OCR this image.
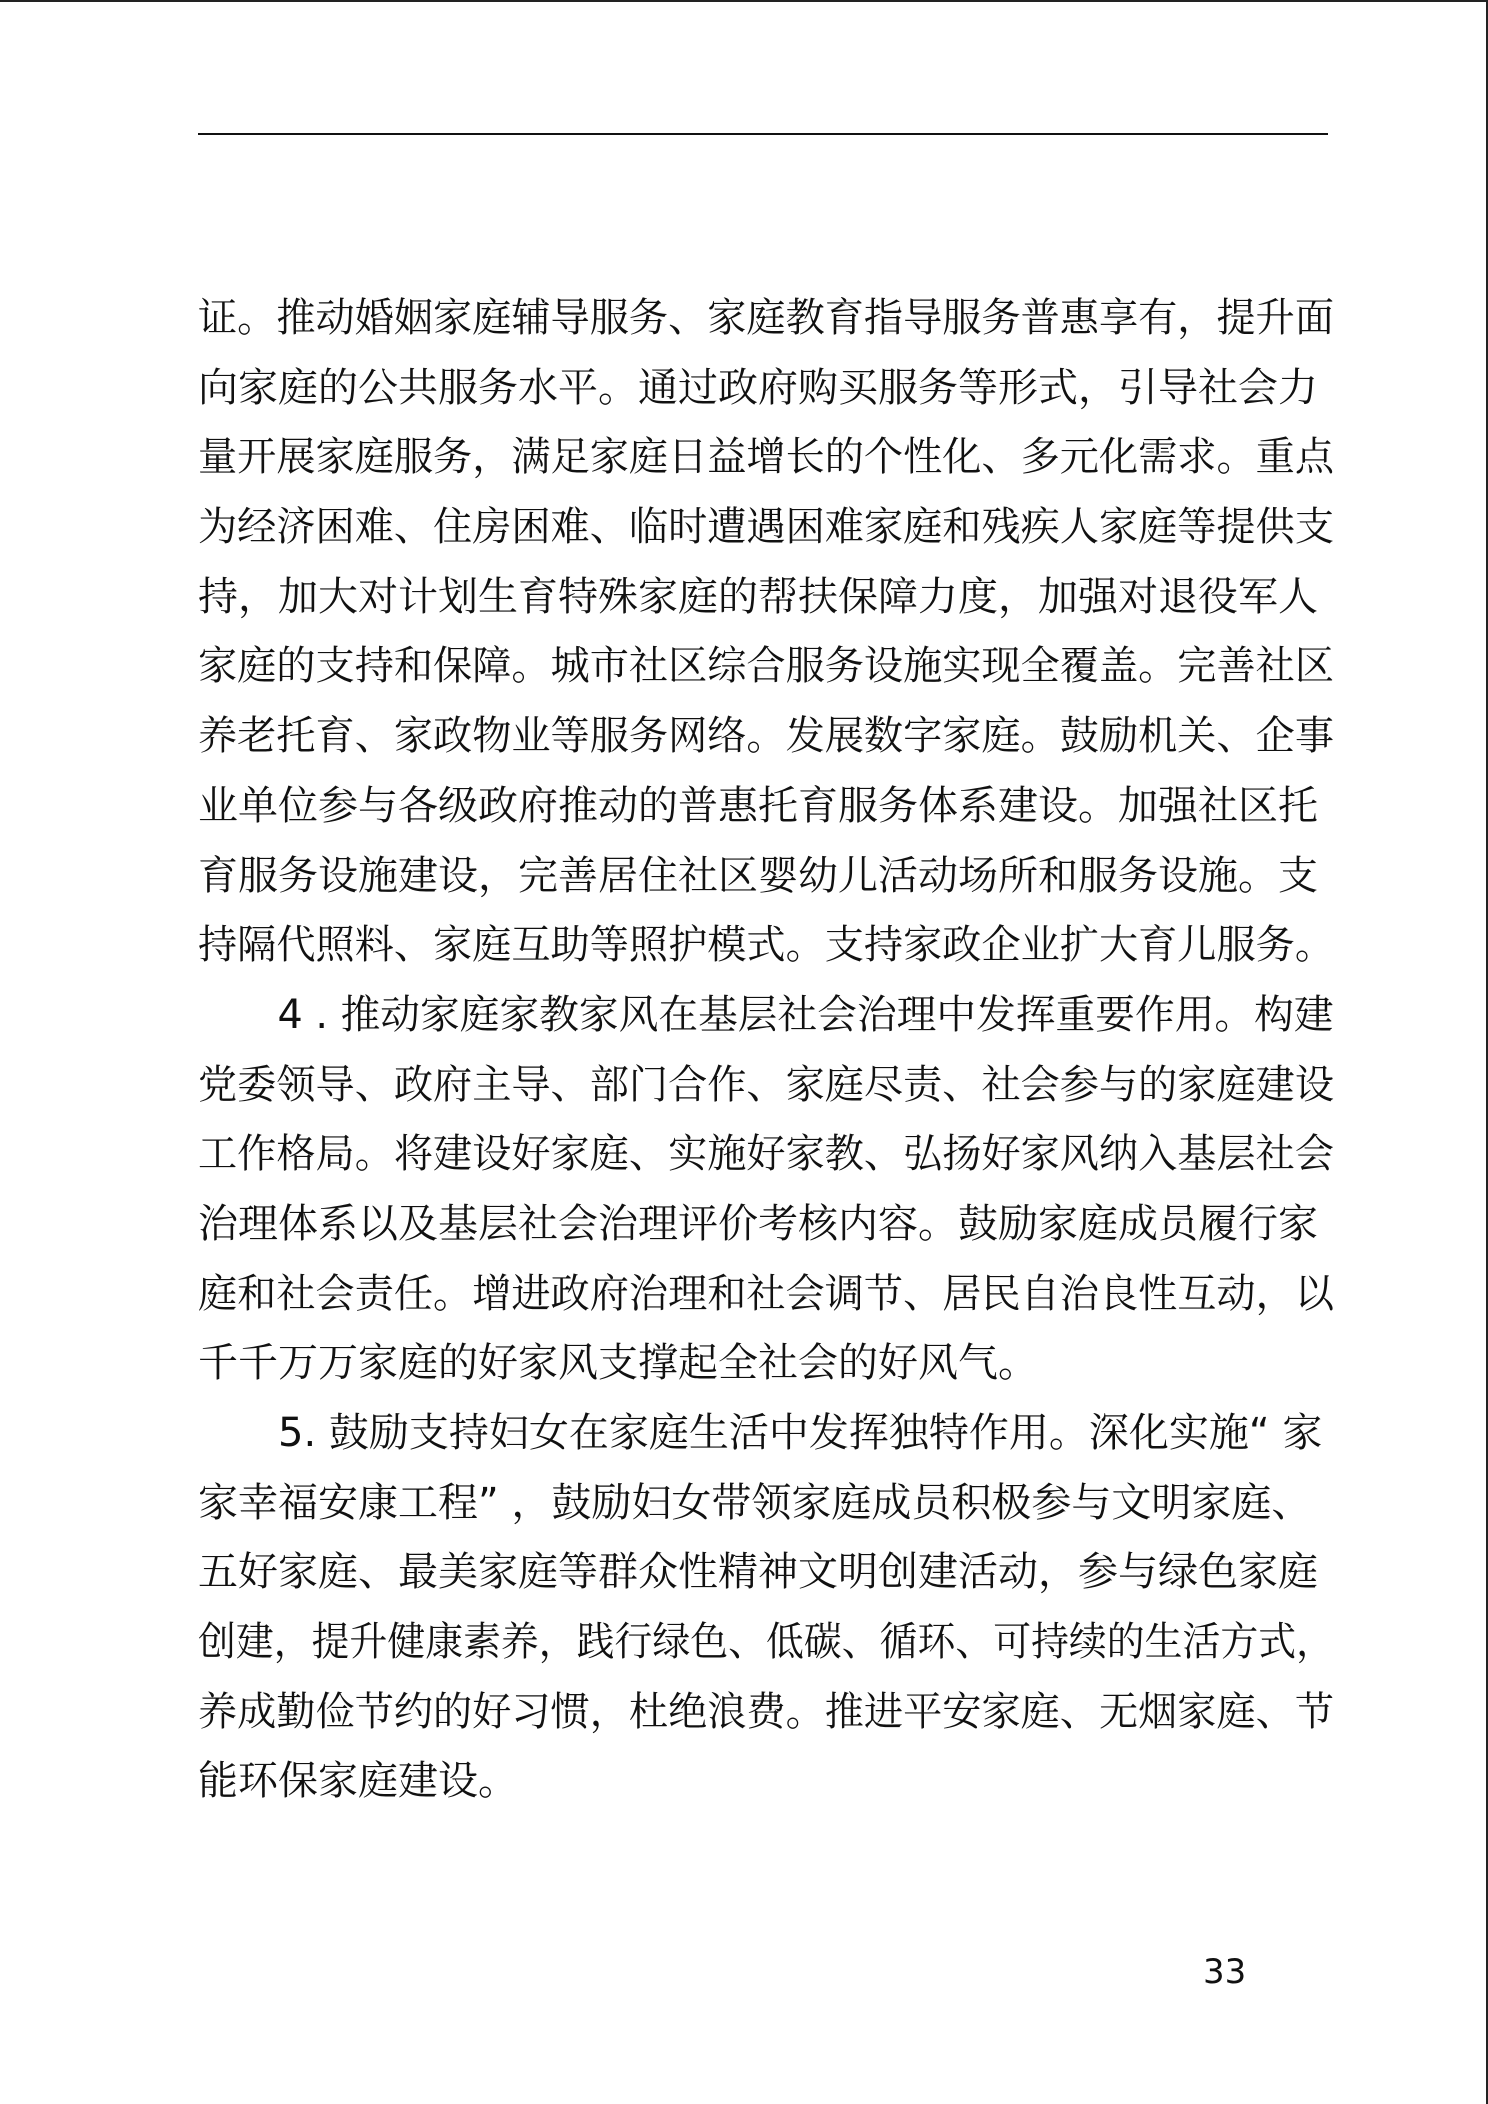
证。推动婚姻家庭辅导服务、家庭教育指导服务普惠享有，提升面
向家庭的公共服务水平。通过政府购买服务等形式，引导社会力
量开展家庭服务，满足家庭日益增长的个性化、多元化需求。重点
为经济困难、住房困难、临时遭遇困难家庭和残疾人家庭等提供支
持，加大对计划生育特殊家庭的帮扶保障力度，加强对退役军人
家庭的支持和保障。城市社区综合服务设施实现全覆盖。完善社区
养老托育、家政物业等服务网络。发展数字家庭。鼓励机关、企事
业单位参与各级政府推动的普惠托育服务体系建设。加强社区托
育服务设施建设，完善居住社区婴幼儿活动场所和服务设施。支
持隔代照料、家庭互助等照护模式。支持家政企业扩大育儿服务。

　　4 . 推动家庭家教家风在基层社会治理中发挥重要作用。构建
党委领导、政府主导、部门合作、家庭尽责、社会参与的家庭建设
工作格局。将建设好家庭、实施好家教、弘扬好家风纳入基层社会
治理体系以及基层社会治理评价考核内容。鼓励家庭成员履行家
庭和社会责任。增进政府治理和社会调节、居民自治良性互动，以
千千万万家庭的好家风支撑起全社会的好风气。

　　5. 鼓励支持妇女在家庭生活中发挥独特作用。深化实施“ 家
家幸福安康工程” ，鼓励妇女带领家庭成员积极参与文明家庭、
五好家庭、最美家庭等群众性精神文明创建活动，参与绿色家庭
创建，提升健康素养，践行绿色、低碳、循环、可持续的生活方式，
养成勤俭节约的好习惯，杜绝浪费。推进平安家庭、无烟家庭、节
能环保家庭建设。

33
